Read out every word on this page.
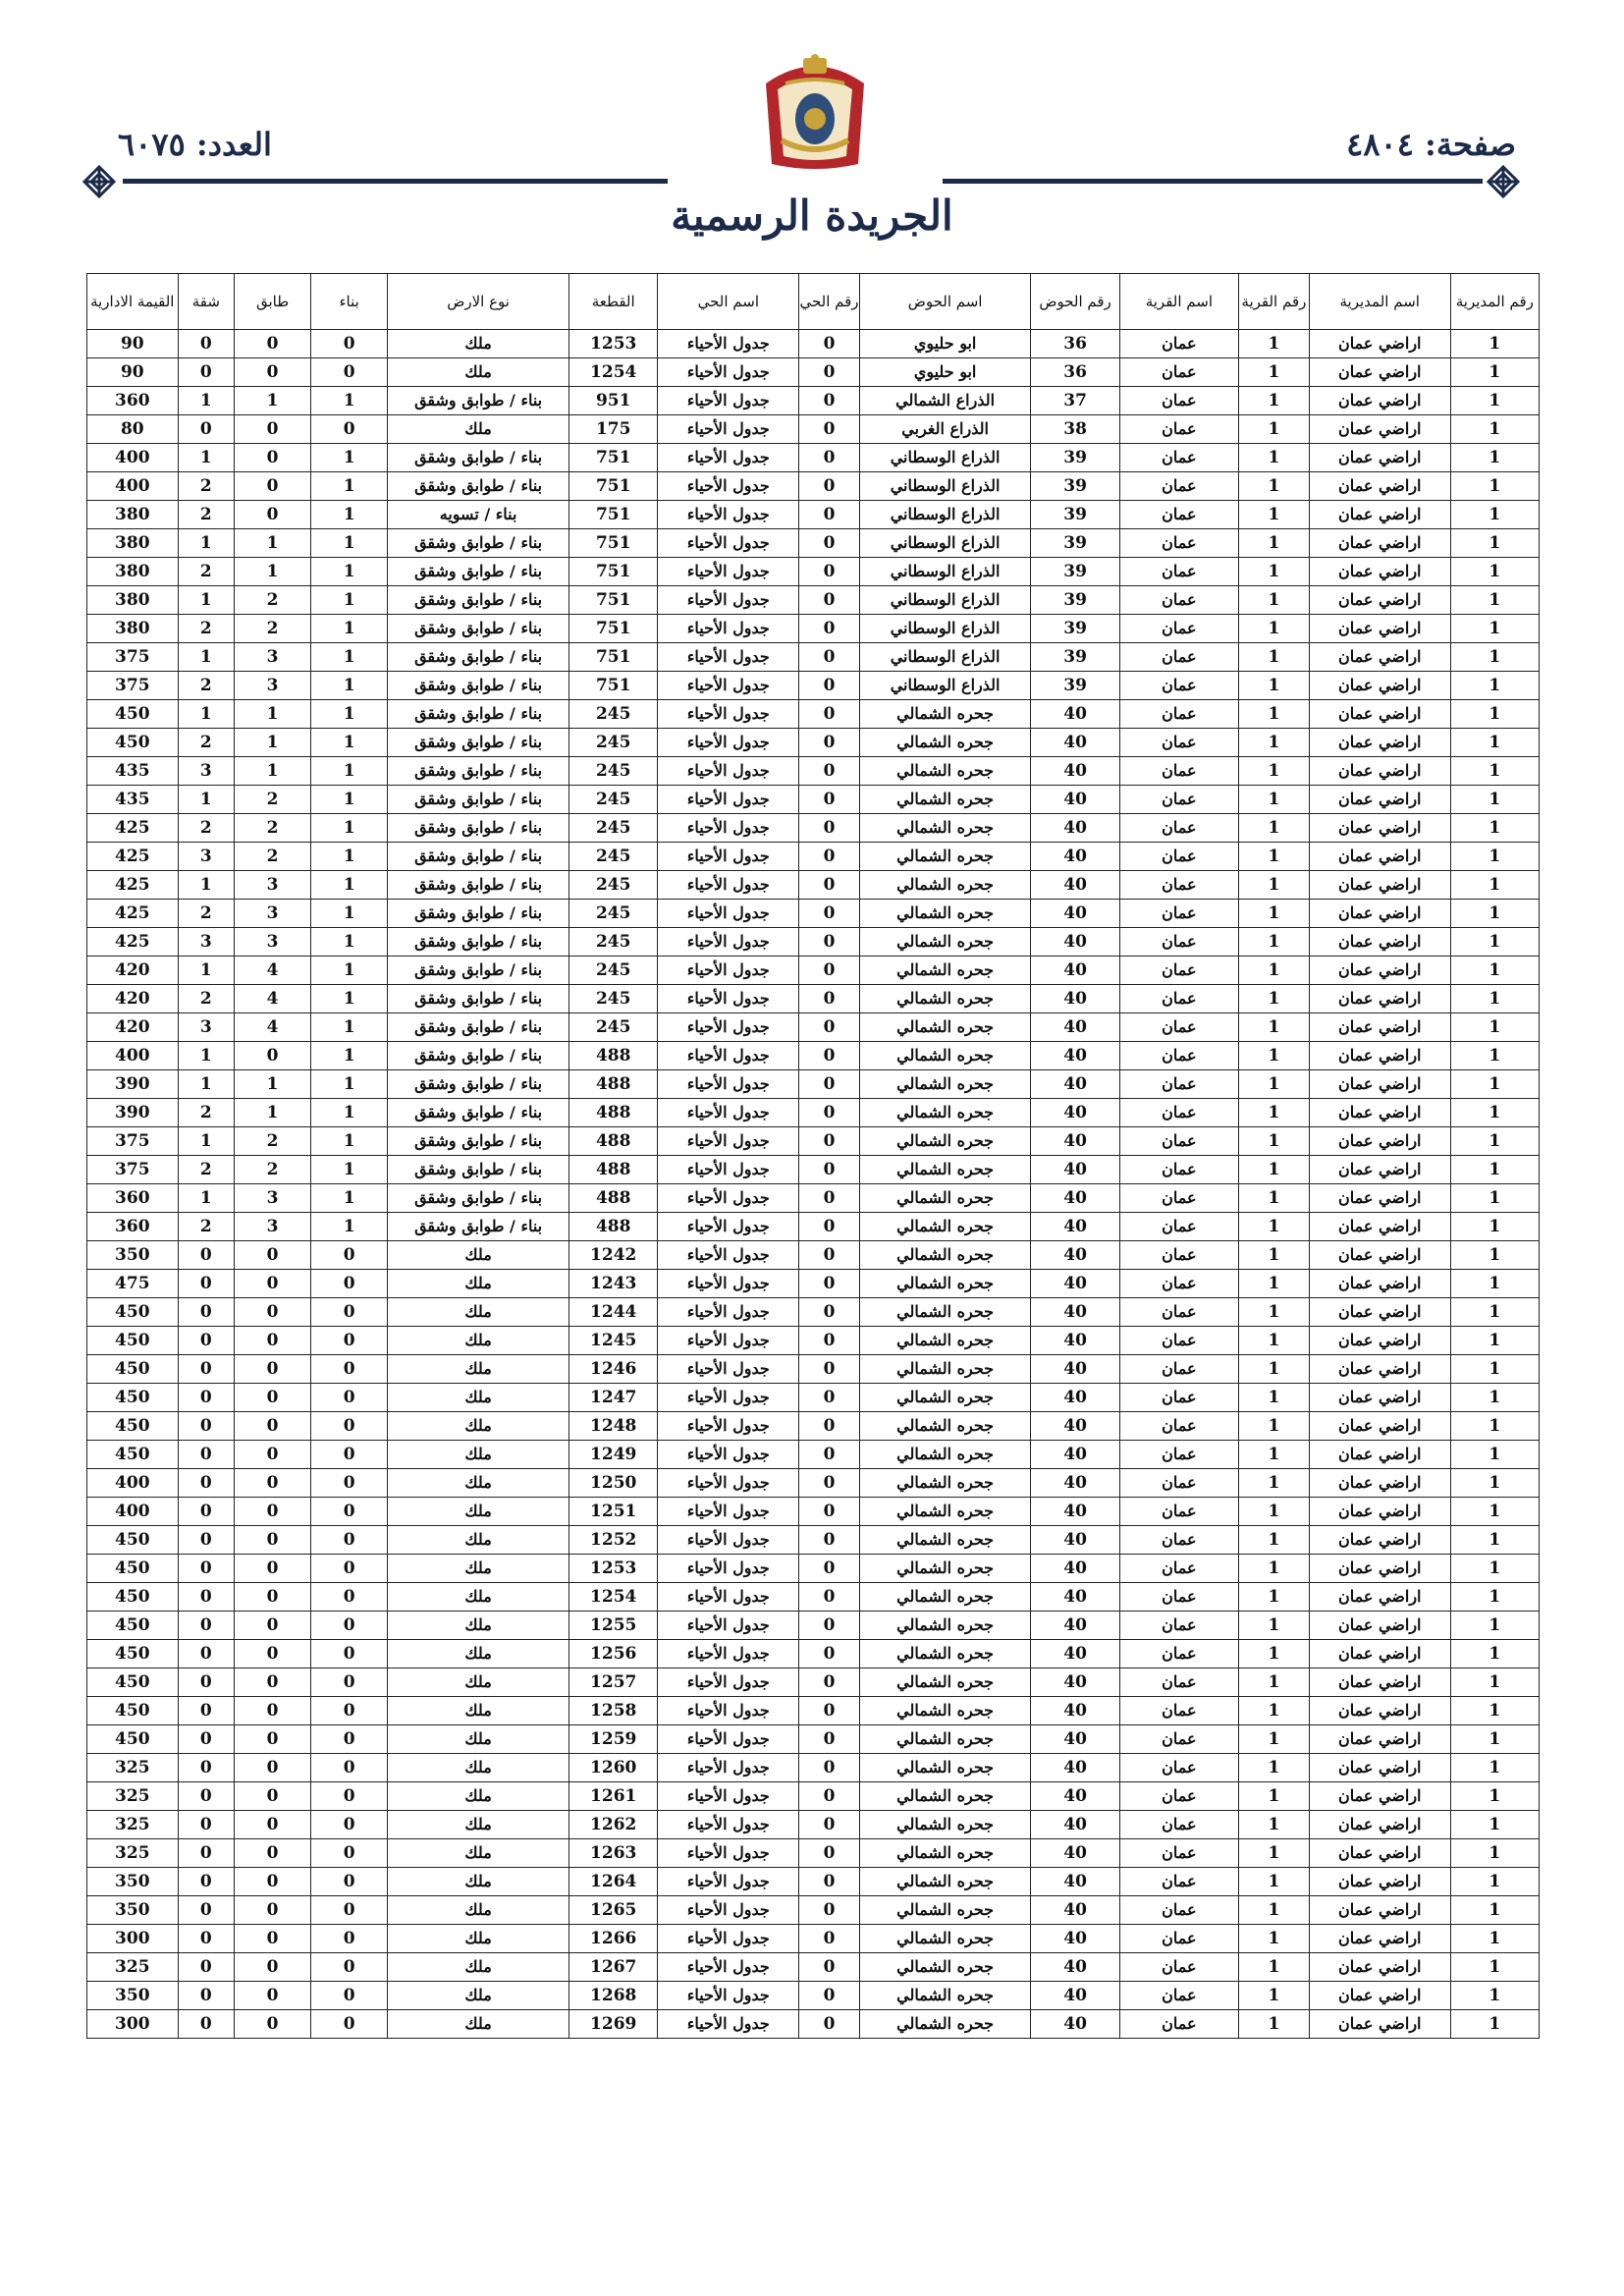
العدد: ٦٠٧٥	صفحة: ٤٨٠٤
الجريدة الرسمية
رقم المديرية	اسم المديرية	رقم القرية	اسم القرية	رقم الحوض	اسم الحوض	رقم الحي	اسم الحي	القطعة	نوع الارض	بناء	طابق	شقة	القيمة الادارية
1	اراضي عمان	1	عمان	36	ابو حليوي	0	جدول الأحياء	1253	ملك	0	0	0	90
1	اراضي عمان	1	عمان	36	ابو حليوي	0	جدول الأحياء	1254	ملك	0	0	0	90
1	اراضي عمان	1	عمان	37	الذراع الشمالي	0	جدول الأحياء	951	بناء / طوابق وشقق	1	1	1	360
1	اراضي عمان	1	عمان	38	الذراع الغربي	0	جدول الأحياء	175	ملك	0	0	0	80
1	اراضي عمان	1	عمان	39	الذراع الوسطاني	0	جدول الأحياء	751	بناء / طوابق وشقق	1	0	1	400
1	اراضي عمان	1	عمان	39	الذراع الوسطاني	0	جدول الأحياء	751	بناء / طوابق وشقق	1	0	2	400
1	اراضي عمان	1	عمان	39	الذراع الوسطاني	0	جدول الأحياء	751	بناء / تسويه	1	0	2	380
1	اراضي عمان	1	عمان	39	الذراع الوسطاني	0	جدول الأحياء	751	بناء / طوابق وشقق	1	1	1	380
1	اراضي عمان	1	عمان	39	الذراع الوسطاني	0	جدول الأحياء	751	بناء / طوابق وشقق	1	1	2	380
1	اراضي عمان	1	عمان	39	الذراع الوسطاني	0	جدول الأحياء	751	بناء / طوابق وشقق	1	2	1	380
1	اراضي عمان	1	عمان	39	الذراع الوسطاني	0	جدول الأحياء	751	بناء / طوابق وشقق	1	2	2	380
1	اراضي عمان	1	عمان	39	الذراع الوسطاني	0	جدول الأحياء	751	بناء / طوابق وشقق	1	3	1	375
1	اراضي عمان	1	عمان	39	الذراع الوسطاني	0	جدول الأحياء	751	بناء / طوابق وشقق	1	3	2	375
1	اراضي عمان	1	عمان	40	جحره الشمالي	0	جدول الأحياء	245	بناء / طوابق وشقق	1	1	1	450
1	اراضي عمان	1	عمان	40	جحره الشمالي	0	جدول الأحياء	245	بناء / طوابق وشقق	1	1	2	450
1	اراضي عمان	1	عمان	40	جحره الشمالي	0	جدول الأحياء	245	بناء / طوابق وشقق	1	1	3	435
1	اراضي عمان	1	عمان	40	جحره الشمالي	0	جدول الأحياء	245	بناء / طوابق وشقق	1	2	1	435
1	اراضي عمان	1	عمان	40	جحره الشمالي	0	جدول الأحياء	245	بناء / طوابق وشقق	1	2	2	425
1	اراضي عمان	1	عمان	40	جحره الشمالي	0	جدول الأحياء	245	بناء / طوابق وشقق	1	2	3	425
1	اراضي عمان	1	عمان	40	جحره الشمالي	0	جدول الأحياء	245	بناء / طوابق وشقق	1	3	1	425
1	اراضي عمان	1	عمان	40	جحره الشمالي	0	جدول الأحياء	245	بناء / طوابق وشقق	1	3	2	425
1	اراضي عمان	1	عمان	40	جحره الشمالي	0	جدول الأحياء	245	بناء / طوابق وشقق	1	3	3	425
1	اراضي عمان	1	عمان	40	جحره الشمالي	0	جدول الأحياء	245	بناء / طوابق وشقق	1	4	1	420
1	اراضي عمان	1	عمان	40	جحره الشمالي	0	جدول الأحياء	245	بناء / طوابق وشقق	1	4	2	420
1	اراضي عمان	1	عمان	40	جحره الشمالي	0	جدول الأحياء	245	بناء / طوابق وشقق	1	4	3	420
1	اراضي عمان	1	عمان	40	جحره الشمالي	0	جدول الأحياء	488	بناء / طوابق وشقق	1	0	1	400
1	اراضي عمان	1	عمان	40	جحره الشمالي	0	جدول الأحياء	488	بناء / طوابق وشقق	1	1	1	390
1	اراضي عمان	1	عمان	40	جحره الشمالي	0	جدول الأحياء	488	بناء / طوابق وشقق	1	1	2	390
1	اراضي عمان	1	عمان	40	جحره الشمالي	0	جدول الأحياء	488	بناء / طوابق وشقق	1	2	1	375
1	اراضي عمان	1	عمان	40	جحره الشمالي	0	جدول الأحياء	488	بناء / طوابق وشقق	1	2	2	375
1	اراضي عمان	1	عمان	40	جحره الشمالي	0	جدول الأحياء	488	بناء / طوابق وشقق	1	3	1	360
1	اراضي عمان	1	عمان	40	جحره الشمالي	0	جدول الأحياء	488	بناء / طوابق وشقق	1	3	2	360
1	اراضي عمان	1	عمان	40	جحره الشمالي	0	جدول الأحياء	1242	ملك	0	0	0	350
1	اراضي عمان	1	عمان	40	جحره الشمالي	0	جدول الأحياء	1243	ملك	0	0	0	475
1	اراضي عمان	1	عمان	40	جحره الشمالي	0	جدول الأحياء	1244	ملك	0	0	0	450
1	اراضي عمان	1	عمان	40	جحره الشمالي	0	جدول الأحياء	1245	ملك	0	0	0	450
1	اراضي عمان	1	عمان	40	جحره الشمالي	0	جدول الأحياء	1246	ملك	0	0	0	450
1	اراضي عمان	1	عمان	40	جحره الشمالي	0	جدول الأحياء	1247	ملك	0	0	0	450
1	اراضي عمان	1	عمان	40	جحره الشمالي	0	جدول الأحياء	1248	ملك	0	0	0	450
1	اراضي عمان	1	عمان	40	جحره الشمالي	0	جدول الأحياء	1249	ملك	0	0	0	450
1	اراضي عمان	1	عمان	40	جحره الشمالي	0	جدول الأحياء	1250	ملك	0	0	0	400
1	اراضي عمان	1	عمان	40	جحره الشمالي	0	جدول الأحياء	1251	ملك	0	0	0	400
1	اراضي عمان	1	عمان	40	جحره الشمالي	0	جدول الأحياء	1252	ملك	0	0	0	450
1	اراضي عمان	1	عمان	40	جحره الشمالي	0	جدول الأحياء	1253	ملك	0	0	0	450
1	اراضي عمان	1	عمان	40	جحره الشمالي	0	جدول الأحياء	1254	ملك	0	0	0	450
1	اراضي عمان	1	عمان	40	جحره الشمالي	0	جدول الأحياء	1255	ملك	0	0	0	450
1	اراضي عمان	1	عمان	40	جحره الشمالي	0	جدول الأحياء	1256	ملك	0	0	0	450
1	اراضي عمان	1	عمان	40	جحره الشمالي	0	جدول الأحياء	1257	ملك	0	0	0	450
1	اراضي عمان	1	عمان	40	جحره الشمالي	0	جدول الأحياء	1258	ملك	0	0	0	450
1	اراضي عمان	1	عمان	40	جحره الشمالي	0	جدول الأحياء	1259	ملك	0	0	0	450
1	اراضي عمان	1	عمان	40	جحره الشمالي	0	جدول الأحياء	1260	ملك	0	0	0	325
1	اراضي عمان	1	عمان	40	جحره الشمالي	0	جدول الأحياء	1261	ملك	0	0	0	325
1	اراضي عمان	1	عمان	40	جحره الشمالي	0	جدول الأحياء	1262	ملك	0	0	0	325
1	اراضي عمان	1	عمان	40	جحره الشمالي	0	جدول الأحياء	1263	ملك	0	0	0	325
1	اراضي عمان	1	عمان	40	جحره الشمالي	0	جدول الأحياء	1264	ملك	0	0	0	350
1	اراضي عمان	1	عمان	40	جحره الشمالي	0	جدول الأحياء	1265	ملك	0	0	0	350
1	اراضي عمان	1	عمان	40	جحره الشمالي	0	جدول الأحياء	1266	ملك	0	0	0	300
1	اراضي عمان	1	عمان	40	جحره الشمالي	0	جدول الأحياء	1267	ملك	0	0	0	325
1	اراضي عمان	1	عمان	40	جحره الشمالي	0	جدول الأحياء	1268	ملك	0	0	0	350
1	اراضي عمان	1	عمان	40	جحره الشمالي	0	جدول الأحياء	1269	ملك	0	0	0	300
